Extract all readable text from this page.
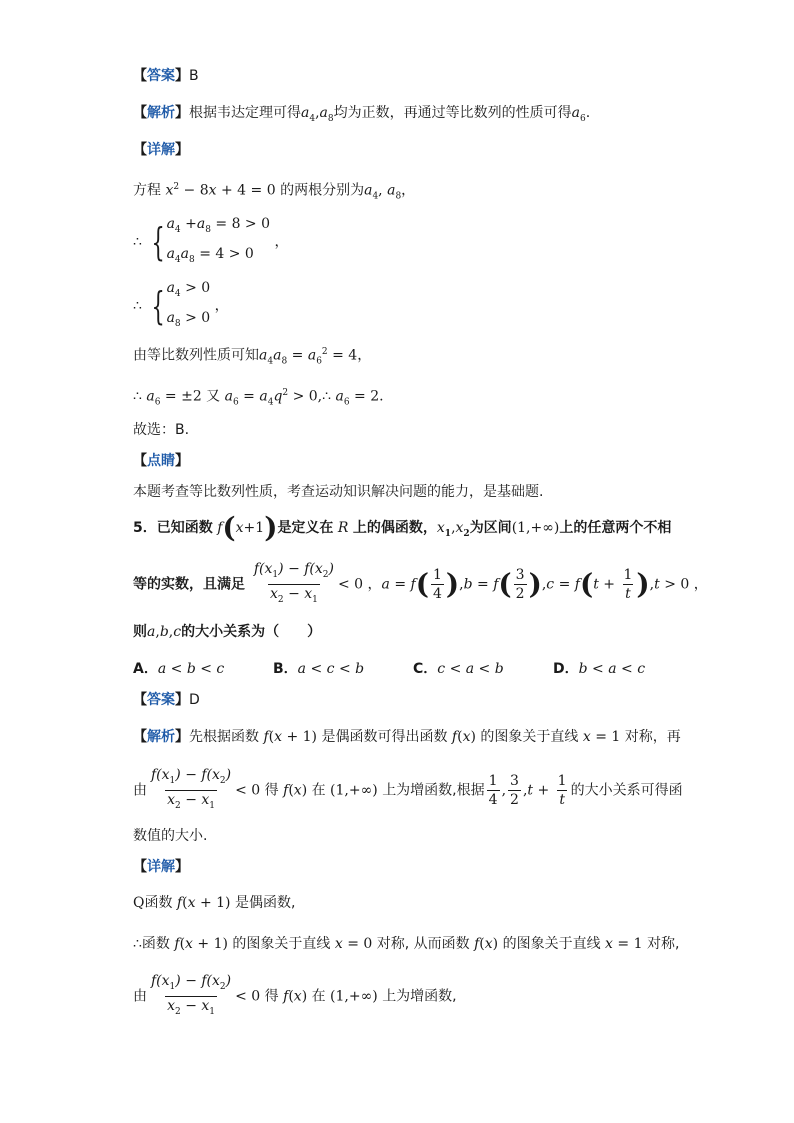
【答案】B
【解析】根据韦达定理可得$a_4,a_8$均为正数，再通过等比数列的性质可得$a_6$.
【详解】
方程 $x^2 - 8x + 4 = 0$ 的两根分别为$a_4$, $a_8$，
∴ { $a_4 +a_8 = 8 > 0$
$a_4a_8 = 4 > 0$
，
∴ { $a_4 > 0$
$a_8 > 0$
，
由等比数列性质可知$a_4a_8 = a_6^2 = 4$，
∴ $a_6 = \pm 2$ 又 $a_6 = a_4q^2$ > 0,∴ $a_6 = 2$.
故选：B.
【点睛】
本题考查等比数列性质，考查运动知识解决问题的能力，是基础题.
5．已知函数 f(x+1)是定义在 R 上的偶函数，$x_1,x_2$为区间(1,+∞)上的任意两个不相
等的实数，且满足 $\frac{f(x_1) - f(x_2)}{x_2 - x_1} < 0$ ，$a = f( \frac{1}{4} ),b = f( \frac{3}{2} ),c = f(t + \frac{1}{t} ),t > 0$ ，
则a,b,c的大小关系为（　　）
A．a < b < c	B．a < c < b	C．c < a < b	D．b < a < c
【答案】D
【解析】先根据函数 f(x + 1) 是偶函数可得出函数 f(x) 的图象关于直线 x = 1 对称，再
由 $\frac{f(x_1) - f(x_2)}{x_2 - x_1} < 0$ 得 f(x) 在 (1,+∞) 上为增函数,根据 $\frac{1}{4}$ , $\frac{3}{2} ,t + \frac{1}{t}$ 的大小关系可得函
数值的大小.
【详解】
Q函数 f(x + 1) 是偶函数,
∴函数 f(x + 1) 的图象关于直线 x = 0 对称, 从而函数 f(x) 的图象关于直线 x = 1 对称,
由 $\frac{f(x_1) - f(x_2)}{x_2 - x_1} < 0$ 得 f(x) 在 (1,+∞) 上为增函数,
